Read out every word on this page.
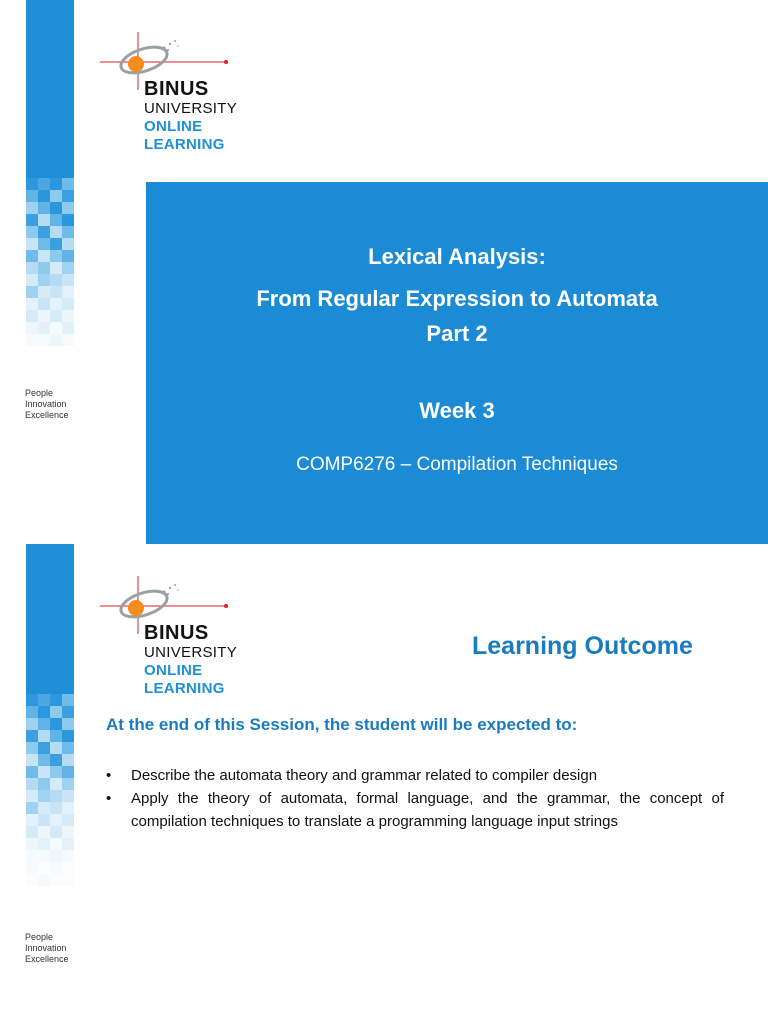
People
Innovation
Excellence
BINUS
UNIVERSITY
ONLINE
LEARNING
Lexical Analysis:
From Regular Expression to Automata
Part 2
Week 3
COMP6276 – Compilation Techniques
People
Innovation
Excellence
BINUS
UNIVERSITY
ONLINE
LEARNING
Learning Outcome
At the end of this Session, the student will be expected to:
• Describe the automata theory and grammar related to compiler design
• Apply the theory of automata, formal language, and the grammar, the concept of compilation techniques to translate a programming language input strings
